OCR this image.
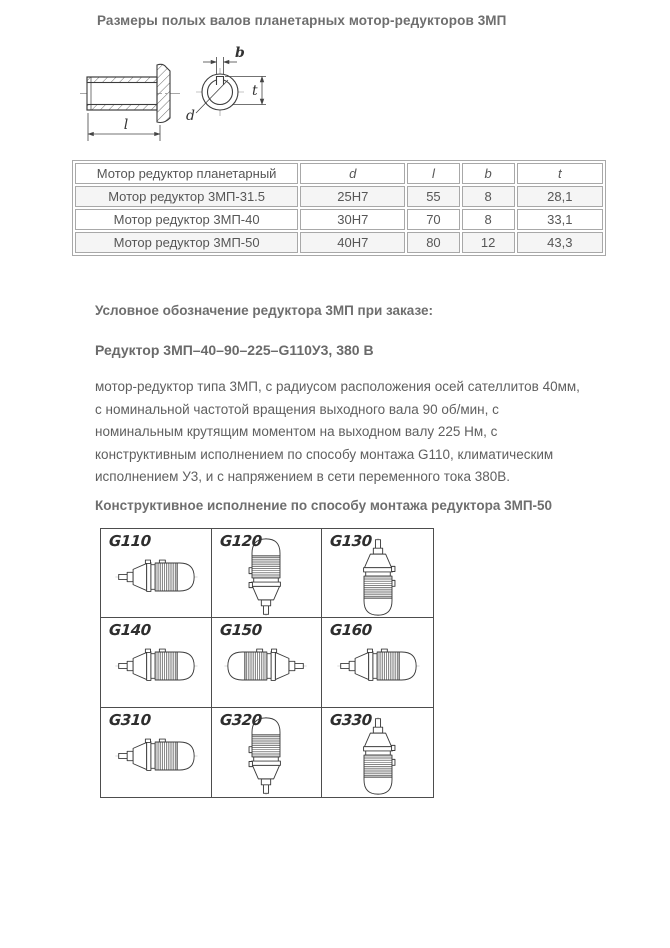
Размеры полых валов планетарных мотор-редукторов 3МП
l
b
t
d
Мотор редуктор планетарный	d	l	b	t
Мотор редуктор 3МП-31.5	25H7	55	8	28,1
Мотор редуктор 3МП-40	30H7	70	8	33,1
Мотор редуктор 3МП-50	40H7	80	12	43,3
Условное обозначение редуктора 3МП при заказе:

Редуктор 3МП–40–90–225–G110У3, 380 В

мотор-редуктор типа 3МП, с радиусом расположения осей сателлитов 40мм, с номинальной частотой вращения выходного вала 90 об/мин, с номинальным крутящим моментом на выходном валу 225 Нм, с конструктивным исполнением по способу монтажа G110, климатическим исполнением У3, и с напряжением в сети переменного тока 380В.

Конструктивное исполнение по способу монтажа редуктора 3МП-50
G110	G120	G130
G140	G150	G160
G310	G320	G330
